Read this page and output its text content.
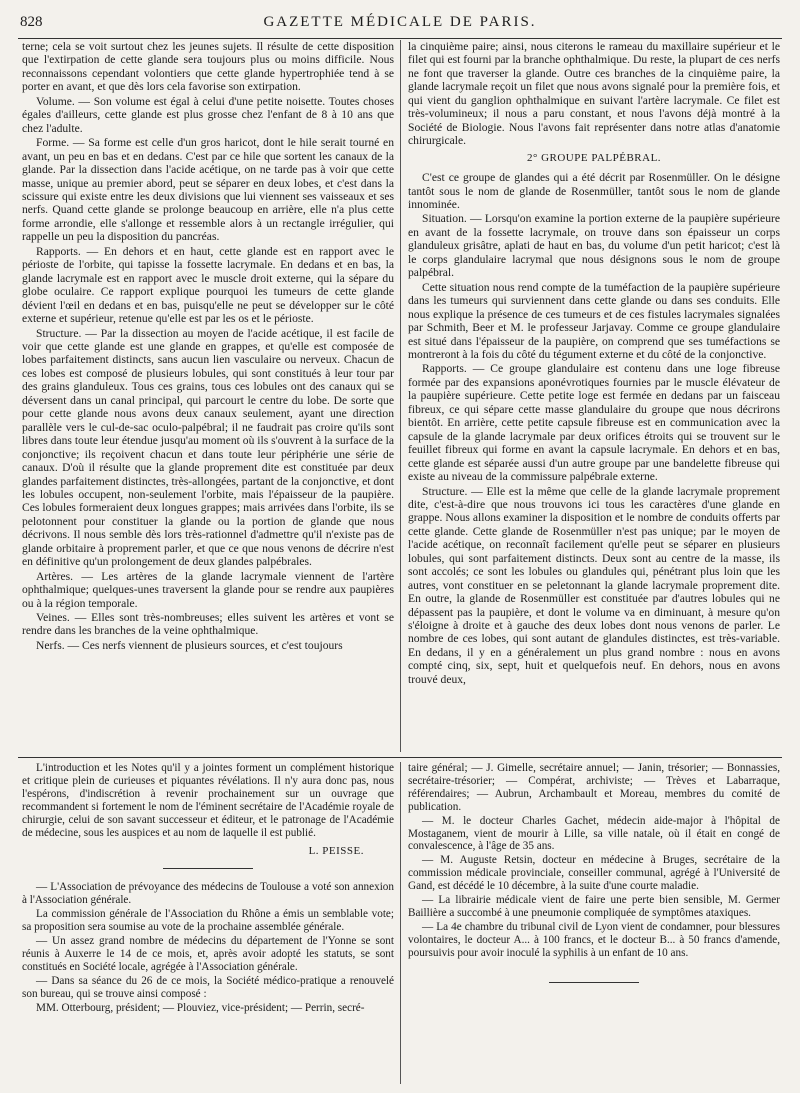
828	GAZETTE MÉDICALE DE PARIS.

terne; cela se voit surtout chez les jeunes sujets. Il résulte de cette disposition que l'extirpation de cette glande sera toujours plus ou moins difficile. Nous reconnaissons cependant volontiers que cette glande hypertrophiée tend à se porter en avant, et que dès lors cela favorise son extirpation.

Volume. — Son volume est égal à celui d'une petite noisette. Toutes choses égales d'ailleurs, cette glande est plus grosse chez l'enfant de 8 à 10 ans que chez l'adulte.

Forme. — Sa forme est celle d'un gros haricot, dont le hile serait tourné en avant, un peu en bas et en dedans. C'est par ce hile que sortent les canaux de la glande. Par la dissection dans l'acide acétique, on ne tarde pas à voir que cette masse, unique au premier abord, peut se séparer en deux lobes, et c'est dans la scissure qui existe entre les deux divisions que lui viennent ses vaisseaux et ses nerfs. Quand cette glande se prolonge beaucoup en arrière, elle n'a plus cette forme arrondie, elle s'allonge et ressemble alors à un rectangle irrégulier, qui rappelle un peu la disposition du pancréas.

Rapports. — En dehors et en haut, cette glande est en rapport avec le périoste de l'orbite, qui tapisse la fossette lacrymale. En dedans et en bas, la glande lacrymale est en rapport avec le muscle droit externe, qui la sépare du globe oculaire. Ce rapport explique pourquoi les tumeurs de cette glande dévient l'œil en dedans et en bas, puisqu'elle ne peut se développer sur le côté externe et supérieur, retenue qu'elle est par les os et le périoste.

Structure. — Par la dissection au moyen de l'acide acétique, il est facile de voir que cette glande est une glande en grappes, et qu'elle est composée de lobes parfaitement distincts, sans aucun lien vasculaire ou nerveux. Chacun de ces lobes est composé de plusieurs lobules, qui sont constitués à leur tour par des grains glanduleux. Tous ces grains, tous ces lobules ont des canaux qui se déversent dans un canal principal, qui parcourt le centre du lobe. De sorte que pour cette glande nous avons deux canaux seulement, ayant une direction parallèle vers le cul-de-sac oculo-palpébral; il ne faudrait pas croire qu'ils sont libres dans toute leur étendue jusqu'au moment où ils s'ouvrent à la surface de la conjonctive; ils reçoivent chacun et dans toute leur périphérie une série de canaux. D'où il résulte que la glande proprement dite est constituée par deux glandes parfaitement distinctes, très-allongées, partant de la conjonctive, et dont les lobules occupent, non-seulement l'orbite, mais l'épaisseur de la paupière. Ces lobules formeraient deux longues grappes; mais arrivées dans l'orbite, ils se pelotonnent pour constituer la glande ou la portion de glande que nous décrivons. Il nous semble dès lors très-rationnel d'admettre qu'il n'existe pas de glande orbitaire à proprement parler, et que ce que nous venons de décrire n'est en définitive qu'un prolongement de deux glandes palpébrales.

Artères. — Les artères de la glande lacrymale viennent de l'artère ophthalmique; quelques-unes traversent la glande pour se rendre aux paupières ou à la région temporale.

Veines. — Elles sont très-nombreuses; elles suivent les artères et vont se rendre dans les branches de la veine ophthalmique.

Nerfs. — Ces nerfs viennent de plusieurs sources, et c'est toujours

la cinquième paire; ainsi, nous citerons le rameau du maxillaire supérieur et le filet qui est fourni par la branche ophthalmique. Du reste, la plupart de ces nerfs ne font que traverser la glande. Outre ces branches de la cinquième paire, la glande lacrymale reçoit un filet que nous avons signalé pour la première fois, et qui vient du ganglion ophthalmique en suivant l'artère lacrymale. Ce filet est très-volumineux; il nous a paru constant, et nous l'avons déjà montré à la Société de Biologie. Nous l'avons fait représenter dans notre atlas d'anatomie chirurgicale.

2° GROUPE PALPÉBRAL.

C'est ce groupe de glandes qui a été décrit par Rosenmüller. On le désigne tantôt sous le nom de glande de Rosenmüller, tantôt sous le nom de glande innominée.

Situation. — Lorsqu'on examine la portion externe de la paupière supérieure en avant de la fossette lacrymale, on trouve dans son épaisseur un corps glanduleux grisâtre, aplati de haut en bas, du volume d'un petit haricot; c'est là le corps glandulaire lacrymal que nous désignons sous le nom de groupe palpébral.

Cette situation nous rend compte de la tuméfaction de la paupière supérieure dans les tumeurs qui surviennent dans cette glande ou dans ses conduits. Elle nous explique la présence de ces tumeurs et de ces fistules lacrymales signalées par Schmith, Beer et M. le professeur Jarjavay. Comme ce groupe glandulaire est situé dans l'épaisseur de la paupière, on comprend que ses tuméfactions se montreront à la fois du côté du tégument externe et du côté de la conjonctive.

Rapports. — Ce groupe glandulaire est contenu dans une loge fibreuse formée par des expansions aponévrotiques fournies par le muscle élévateur de la paupière supérieure. Cette petite loge est fermée en dedans par un faisceau fibreux, ce qui sépare cette masse glandulaire du groupe que nous décrirons bientôt. En arrière, cette petite capsule fibreuse est en communication avec la capsule de la glande lacrymale par deux orifices étroits qui se trouvent sur le feuillet fibreux qui forme en avant la capsule lacrymale. En dehors et en bas, cette glande est séparée aussi d'un autre groupe par une bandelette fibreuse qui existe au niveau de la commissure palpébrale externe.

Structure. — Elle est la même que celle de la glande lacrymale proprement dite, c'est-à-dire que nous trouvons ici tous les caractères d'une glande en grappe. Nous allons examiner la disposition et le nombre de conduits offerts par cette glande. Cette glande de Rosenmüller n'est pas unique; par le moyen de l'acide acétique, on reconnaît facilement qu'elle peut se séparer en plusieurs lobules, qui sont parfaitement distincts. Deux sont au centre de la masse, ils sont accolés; ce sont les lobules ou glandules qui, pénétrant plus loin que les autres, vont constituer en se peletonnant la glande lacrymale proprement dite. En outre, la glande de Rosenmüller est constituée par d'autres lobules qui ne dépassent pas la paupière, et dont le volume va en diminuant, à mesure qu'on s'éloigne à droite et à gauche des deux lobes dont nous venons de parler. Le nombre de ces lobes, qui sont autant de glandules distinctes, est très-variable. En dedans, il y en a généralement un plus grand nombre : nous en avons compté cinq, six, sept, huit et quelquefois neuf. En dehors, nous en avons trouvé deux,

L'introduction et les Notes qu'il y a jointes forment un complément historique et critique plein de curieuses et piquantes révélations. Il n'y aura donc pas, nous l'espérons, d'indiscrétion à revenir prochainement sur un ouvrage que recommandent si fortement le nom de l'éminent secrétaire de l'Académie royale de chirurgie, celui de son savant successeur et éditeur, et le patronage de l'Académie de médecine, sous les auspices et au nom de laquelle il est publié.

L. PEISSE.

— L'Association de prévoyance des médecins de Toulouse a voté son annexion à l'Association générale.

La commission générale de l'Association du Rhône a émis un semblable vote; sa proposition sera soumise au vote de la prochaine assemblée générale.

— Un assez grand nombre de médecins du département de l'Yonne se sont réunis à Auxerre le 14 de ce mois, et, après avoir adopté les statuts, se sont constitués en Société locale, agrégée à l'Association générale.

— Dans sa séance du 26 de ce mois, la Société médico-pratique a renouvelé son bureau, qui se trouve ainsi composé :

MM. Otterbourg, président; — Plouviez, vice-président; — Perrin, secré-

taire général; — J. Gimelle, secrétaire annuel; — Janin, trésorier; — Bonnassies, secrétaire-trésorier; — Compérat, archiviste; — Trèves et Labarraque, référendaires; — Aubrun, Archambault et Moreau, membres du comité de publication.

— M. le docteur Charles Gachet, médecin aide-major à l'hôpital de Mostaganem, vient de mourir à Lille, sa ville natale, où il était en congé de convalescence, à l'âge de 35 ans.

— M. Auguste Retsin, docteur en médecine à Bruges, secrétaire de la commission médicale provinciale, conseiller communal, agrégé à l'Université de Gand, est décédé le 10 décembre, à la suite d'une courte maladie.

— La librairie médicale vient de faire une perte bien sensible, M. Germer Baillière a succombé à une pneumonie compliquée de symptômes ataxiques.

— La 4e chambre du tribunal civil de Lyon vient de condamner, pour blessures volontaires, le docteur A... à 100 francs, et le docteur B... à 50 francs d'amende, poursuivis pour avoir inoculé la syphilis à un enfant de 10 ans.
